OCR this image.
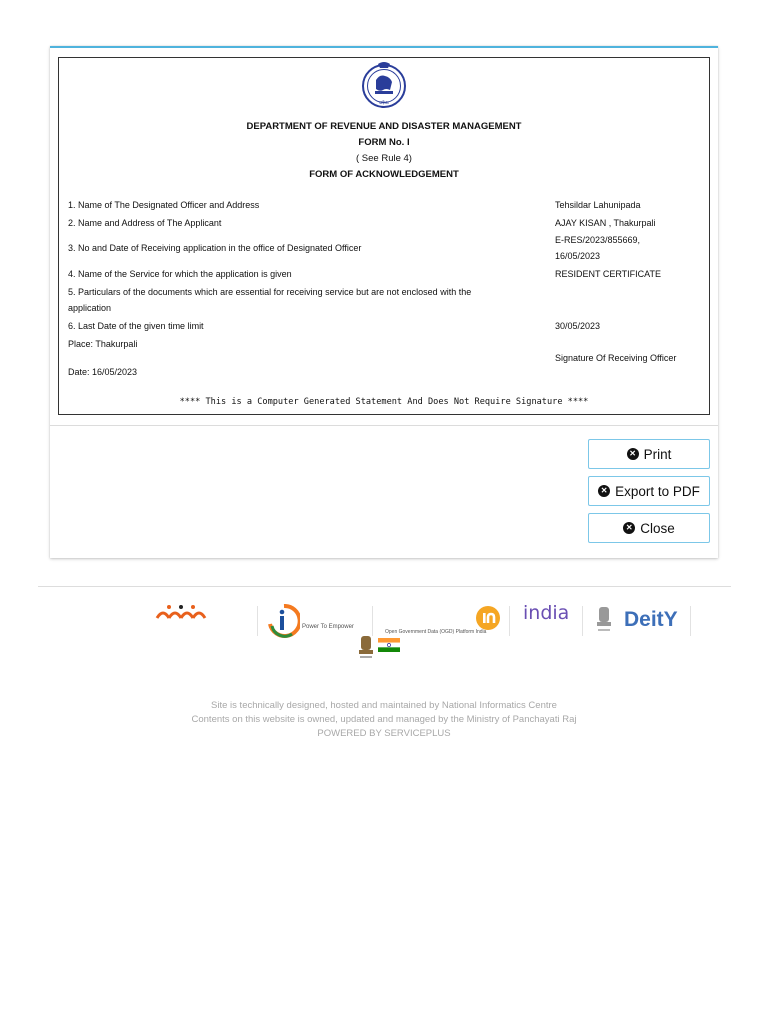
ଓଡ଼ିଶା
DEPARTMENT OF REVENUE AND DISASTER MANAGEMENT
FORM No. I
( See Rule 4)
FORM OF ACKNOWLEDGEMENT
1. Name of The Designated Officer and Address	Tehsildar Lahunipada
2. Name and Address of The Applicant	AJAY KISAN , Thakurpali
3. No and Date of Receiving application in the office of Designated Officer
E-RES/2023/855669,
16/05/2023
4. Name of the Service for which the application is given	RESIDENT CERTIFICATE
5. Particulars of the documents which are essential for receiving service but are not enclosed with the
application
6. Last Date of the given time limit	30/05/2023
Place: Thakurpali
Signature Of Receiving Officer
Date: 16/05/2023
**** This is a Computer Generated Statement And Does Not Require Signature ****
✕ Print
✕ Export to PDF
✕ Close
Power To Empower
Open Government Data (OGD) Platform India
india	DeitY
Site is technically designed, hosted and maintained by National Informatics Centre
Contents on this website is owned, updated and managed by the Ministry of Panchayati Raj
POWERED BY SERVICEPLUS
